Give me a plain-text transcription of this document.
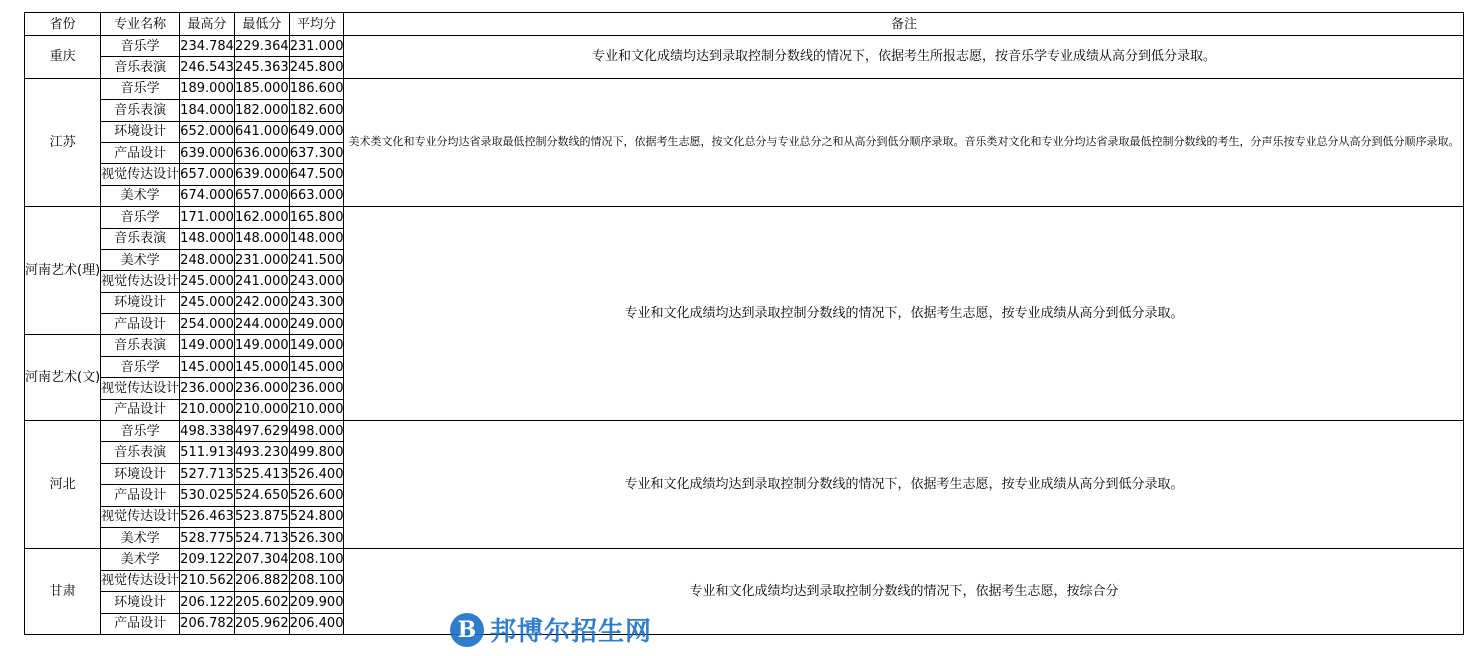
省份	专业名称	最高分	最低分	平均分	备注
重庆	音乐学	234.784	229.364	231.000	专业和文化成绩均达到录取控制分数线的情况下，依据考生所报志愿，按音乐学专业成绩从高分到低分录取。

	音乐表演	246.543	245.363	245.800	
江苏	音乐学	189.000	185.000	186.600	美术类文化和专业分均达省录取最低控制分数线的情况下，依据考生志愿，按文化总分与专业总分之和从高分到低分顺序录取。音乐类对文化和专业分均达省录取最低控制分数线的考生，分声乐按专业总分从高分到低分顺序录取。

	音乐表演	184.000	182.000	182.600	
	环境设计	652.000	641.000	649.000	
	产品设计	639.000	636.000	637.300	
	视觉传达设计	657.000	639.000	647.500	
	美术学	674.000	657.000	663.000	
河南艺术(理)	音乐学	171.000	162.000	165.800	专业和文化成绩均达到录取控制分数线的情况下，依据考生志愿，按专业成绩从高分到低分录取。

	音乐表演	148.000	148.000	148.000	
	美术学	248.000	231.000	241.500	
	视觉传达设计	245.000	241.000	243.000	
	环境设计	245.000	242.000	243.300	
	产品设计	254.000	244.000	249.000	
河南艺术(文)	音乐表演	149.000	149.000	149.000	
	音乐学	145.000	145.000	145.000	
	视觉传达设计	236.000	236.000	236.000	
	产品设计	210.000	210.000	210.000	
河北	音乐学	498.338	497.629	498.000	专业和文化成绩均达到录取控制分数线的情况下，依据考生志愿，按专业成绩从高分到低分录取。

	音乐表演	511.913	493.230	499.800	
	环境设计	527.713	525.413	526.400	
	产品设计	530.025	524.650	526.600	
	视觉传达设计	526.463	523.875	524.800	
	美术学	528.775	524.713	526.300	
甘肃	美术学	209.122	207.304	208.100	专业和文化成绩均达到录取控制分数线的情况下，依据考生志愿，按综合分

	视觉传达设计	210.562	206.882	208.100	
	环境设计	206.122	205.602	209.900	
	产品设计	206.782	205.962	206.400		B 邦博尔招生网
